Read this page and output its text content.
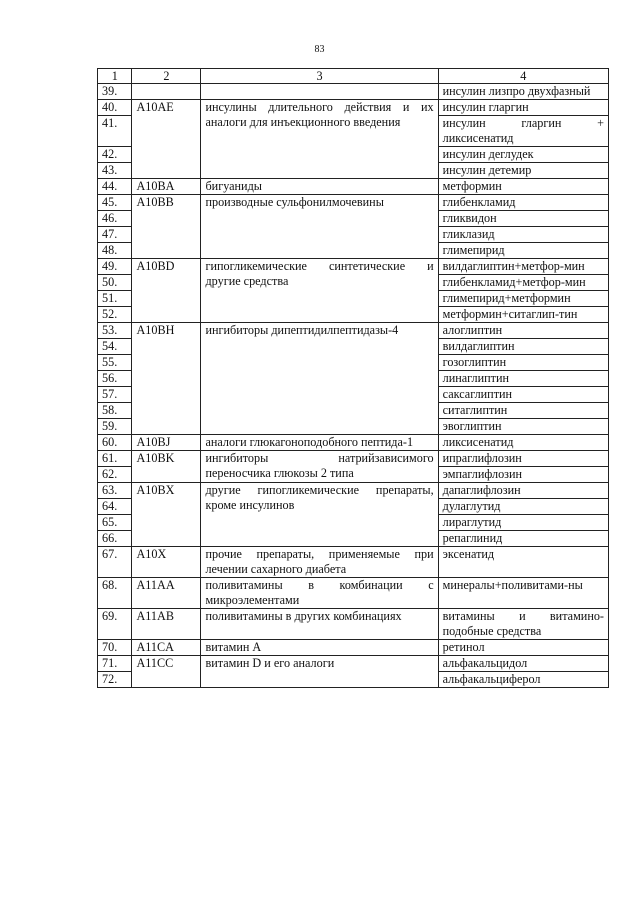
83
1	2	3	4
39.			инсулин лизпро двухфазный
40.	A10AE	инсулины длительного действия и их аналоги для инъекционного введения	инсулин гларгин
41.			инсулин гларгин + ликсисенатид
42.			инсулин деглудек
43.			инсулин детемир
44.	A10BA	бигуаниды	метформин
45.	A10BB	производные сульфонилмочевины	глибенкламид
46.			гликвидон
47.			гликлазид
48.			глимепирид
49.	A10BD	гипогликемические синтетические и другие средства	вилдаглиптин+метфор-мин
50.			глибенкламид+метфор-мин
51.			глимепирид+метформин
52.			метформин+ситаглип-тин
53.	A10BH	ингибиторы дипептидилпептидазы-4	алоглиптин
54.			вилдаглиптин
55.			гозоглиптин
56.			линаглиптин
57.			саксаглиптин
58.			ситаглиптин
59.			эвоглиптин
60.	A10BJ	аналоги глюкагоноподобного пептида-1	ликсисенатид
61.	A10BK	ингибиторы натрийзависимого переносчика глюкозы 2 типа	ипраглифлозин
62.			эмпаглифлозин
63.	A10BX	другие гипогликемические препараты, кроме инсулинов	дапаглифлозин
64.			дулаглутид
65.			лираглутид
66.			репаглинид
67.	A10X	прочие препараты, применяемые при лечении сахарного диабета	эксенатид
68.	A11AA	поливитамины в комбинации с микроэлементами	минералы+поливитами-ны
69.	A11AB	поливитамины в других комбинациях	витамины и витамино-подобные средства
70.	A11CA	витамин А	ретинол
71.	A11CC	витамин D и его аналоги	альфакальцидол
72.			альфакальциферол
